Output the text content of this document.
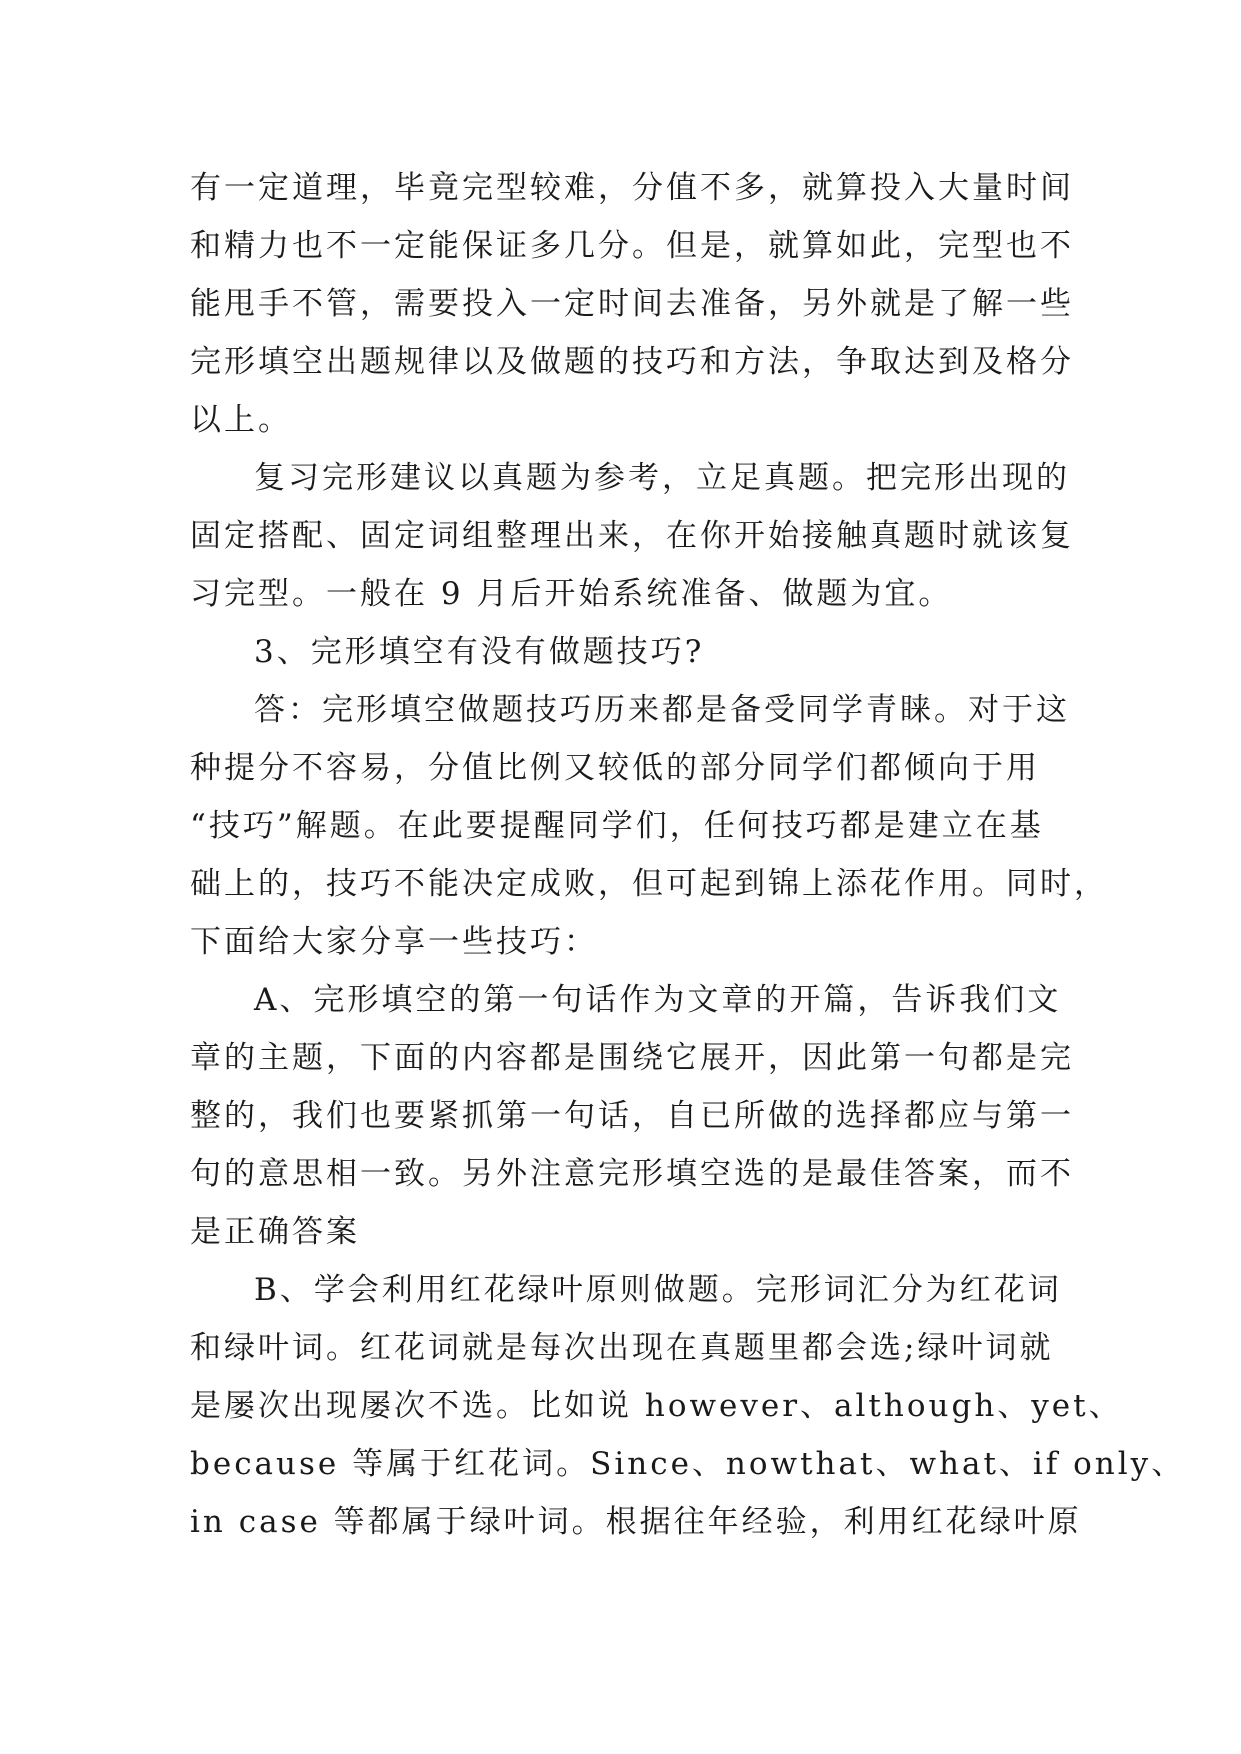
有一定道理，毕竟完型较难，分值不多，就算投入大量时间
和精力也不一定能保证多几分。但是，就算如此，完型也不
能甩手不管，需要投入一定时间去准备，另外就是了解一些
完形填空出题规律以及做题的技巧和方法，争取达到及格分
以上。
复习完形建议以真题为参考，立足真题。把完形出现的
固定搭配、固定词组整理出来，在你开始接触真题时就该复
习完型。一般在 9 月后开始系统准备、做题为宜。
3、完形填空有没有做题技巧?
答：完形填空做题技巧历来都是备受同学青睐。对于这
种提分不容易，分值比例又较低的部分同学们都倾向于用
“技巧”解题。在此要提醒同学们，任何技巧都是建立在基
础上的，技巧不能决定成败，但可起到锦上添花作用。同时，
下面给大家分享一些技巧：
A、完形填空的第一句话作为文章的开篇，告诉我们文
章的主题，下面的内容都是围绕它展开，因此第一句都是完
整的，我们也要紧抓第一句话，自已所做的选择都应与第一
句的意思相一致。另外注意完形填空选的是最佳答案，而不
是正确答案
B、学会利用红花绿叶原则做题。完形词汇分为红花词
和绿叶词。红花词就是每次出现在真题里都会选;绿叶词就
是屡次出现屡次不选。比如说 however、although、yet、
because 等属于红花词。Since、nowthat、what、if only、
in case 等都属于绿叶词。根据往年经验，利用红花绿叶原
